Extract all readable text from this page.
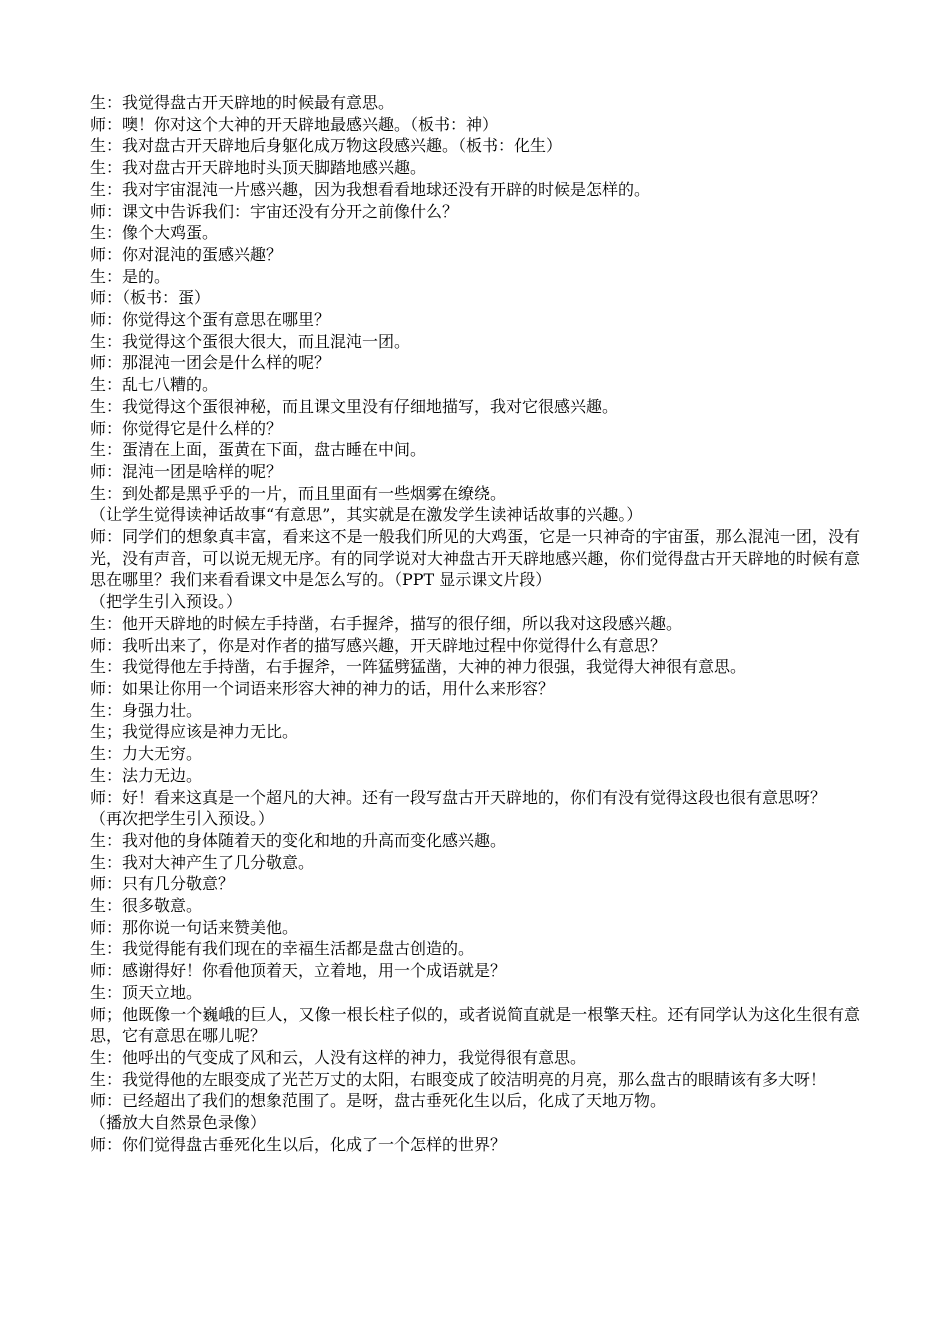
生：我觉得盘古开天辟地的时候最有意思。

师：噢！你对这个大神的开天辟地最感兴趣。（板书：神）

生：我对盘古开天辟地后身躯化成万物这段感兴趣。（板书：化生）

生：我对盘古开天辟地时头顶天脚踏地感兴趣。

生：我对宇宙混沌一片感兴趣，因为我想看看地球还没有开辟的时候是怎样的。

师：课文中告诉我们：宇宙还没有分开之前像什么？

生：像个大鸡蛋。

师：你对混沌的蛋感兴趣？

生：是的。

师：（板书：蛋）

师：你觉得这个蛋有意思在哪里？

生：我觉得这个蛋很大很大，而且混沌一团。

师：那混沌一团会是什么样的呢？

生：乱七八糟的。

生：我觉得这个蛋很神秘，而且课文里没有仔细地描写，我对它很感兴趣。

师：你觉得它是什么样的？

生：蛋清在上面，蛋黄在下面，盘古睡在中间。

师：混沌一团是啥样的呢？

生：到处都是黑乎乎的一片，而且里面有一些烟雾在缭绕。

（让学生觉得读神话故事“有意思”，其实就是在激发学生读神话故事的兴趣。）

师：同学们的想象真丰富，看来这不是一般我们所见的大鸡蛋，它是一只神奇的宇宙蛋，那么混沌一团，没有光，没有声音，可以说无规无序。有的同学说对大神盘古开天辟地感兴趣，你们觉得盘古开天辟地的时候有意思在哪里？我们来看看课文中是怎么写的。（PPT 显示课文片段）

（把学生引入预设。）

生：他开天辟地的时候左手持凿，右手握斧，描写的很仔细，所以我对这段感兴趣。

师：我听出来了，你是对作者的描写感兴趣，开天辟地过程中你觉得什么有意思？

生：我觉得他左手持凿，右手握斧，一阵猛劈猛凿，大神的神力很强，我觉得大神很有意思。

师：如果让你用一个词语来形容大神的神力的话，用什么来形容？

生：身强力壮。

生；我觉得应该是神力无比。

生：力大无穷。

生：法力无边。

师：好！看来这真是一个超凡的大神。还有一段写盘古开天辟地的，你们有没有觉得这段也很有意思呀？

（再次把学生引入预设。）

生：我对他的身体随着天的变化和地的升高而变化感兴趣。

生：我对大神产生了几分敬意。

师：只有几分敬意？

生：很多敬意。

师：那你说一句话来赞美他。

生：我觉得能有我们现在的幸福生活都是盘古创造的。

师：感谢得好！你看他顶着天，立着地，用一个成语就是？

生：顶天立地。

师；他既像一个巍峨的巨人，又像一根长柱子似的，或者说简直就是一根擎天柱。还有同学认为这化生很有意思，它有意思在哪儿呢？

生：他呼出的气变成了风和云，人没有这样的神力，我觉得很有意思。

生：我觉得他的左眼变成了光芒万丈的太阳，右眼变成了皎洁明亮的月亮，那么盘古的眼睛该有多大呀！

师：已经超出了我们的想象范围了。是呀，盘古垂死化生以后，化成了天地万物。

（播放大自然景色录像）

师：你们觉得盘古垂死化生以后，化成了一个怎样的世界？
